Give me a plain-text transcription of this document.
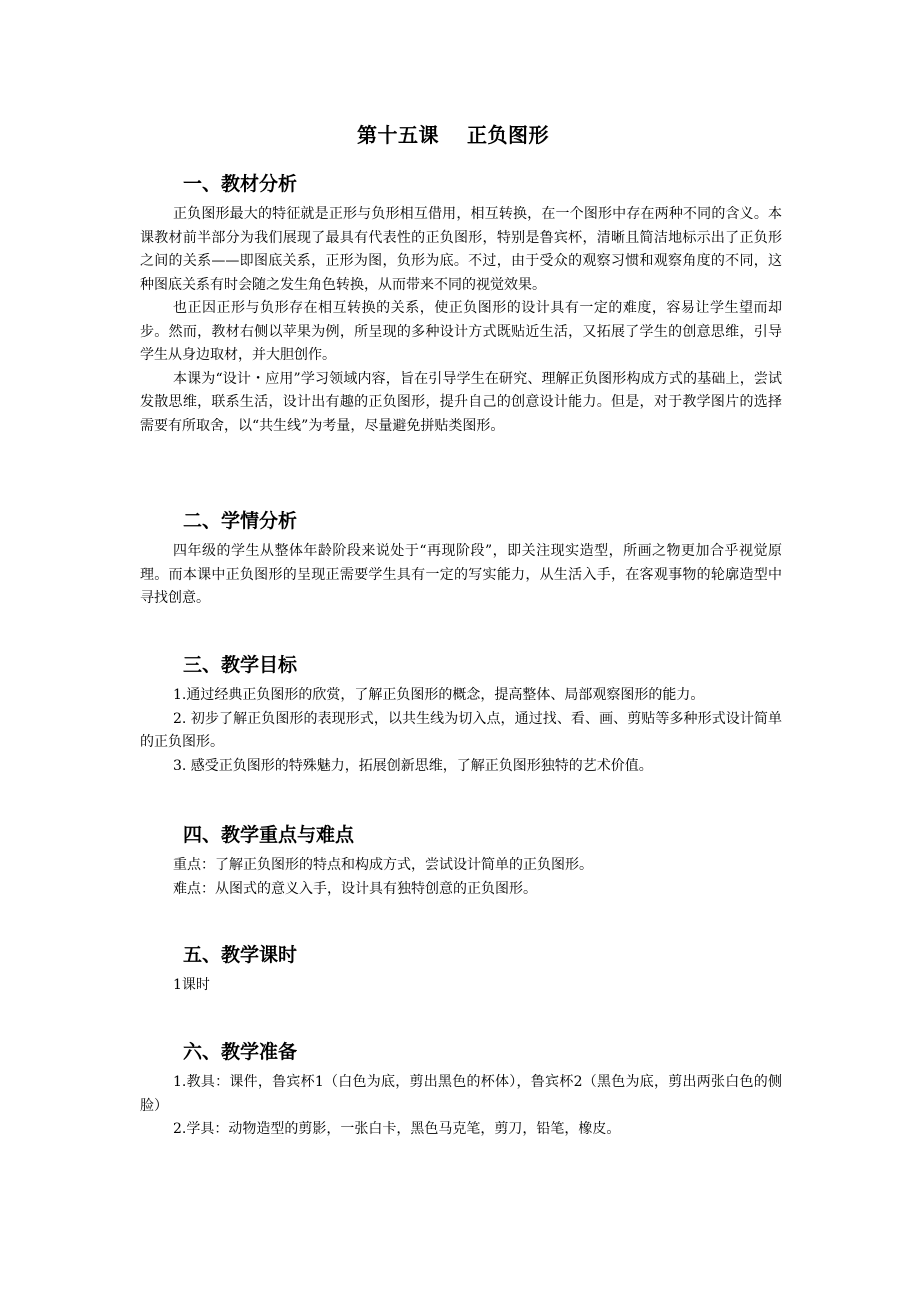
第十五课　 正负图形
一、教材分析

正负图形最大的特征就是正形与负形相互借用，相互转换，在一个图形中存在两种不同的含义。本课教材前半部分为我们展现了最具有代表性的正负图形，特别是鲁宾杯，清晰且简洁地标示出了正负形之间的关系——即图底关系，正形为图，负形为底。不过，由于受众的观察习惯和观察角度的不同，这种图底关系有时会随之发生角色转换，从而带来不同的视觉效果。

也正因正形与负形存在相互转换的关系，使正负图形的设计具有一定的难度，容易让学生望而却步。然而，教材右侧以苹果为例，所呈现的多种设计方式既贴近生活，又拓展了学生的创意思维，引导学生从身边取材，并大胆创作。

本课为“设计・应用”学习领域内容，旨在引导学生在研究、理解正负图形构成方式的基础上，尝试发散思维，联系生活，设计出有趣的正负图形，提升自己的创意设计能力。但是，对于教学图片的选择需要有所取舍，以“共生线”为考量，尽量避免拼贴类图形。

二、学情分析

四年级的学生从整体年龄阶段来说处于“再现阶段”，即关注现实造型，所画之物更加合乎视觉原理。而本课中正负图形的呈现正需要学生具有一定的写实能力，从生活入手，在客观事物的轮廓造型中寻找创意。

三、教学目标

1.通过经典正负图形的欣赏，了解正负图形的概念，提高整体、局部观察图形的能力。

2. 初步了解正负图形的表现形式，以共生线为切入点，通过找、看、画、剪贴等多种形式设计简单的正负图形。

3. 感受正负图形的特殊魅力，拓展创新思维，了解正负图形独特的艺术价值。

四、教学重点与难点

重点：了解正负图形的特点和构成方式，尝试设计简单的正负图形。

难点：从图式的意义入手，设计具有独特创意的正负图形。

五、教学课时

1课时

六、教学准备

1.教具：课件，鲁宾杯1（白色为底，剪出黑色的杯体），鲁宾杯2（黑色为底，剪出两张白色的侧脸）

2.学具：动物造型的剪影，一张白卡，黑色马克笔，剪刀，铅笔，橡皮。
